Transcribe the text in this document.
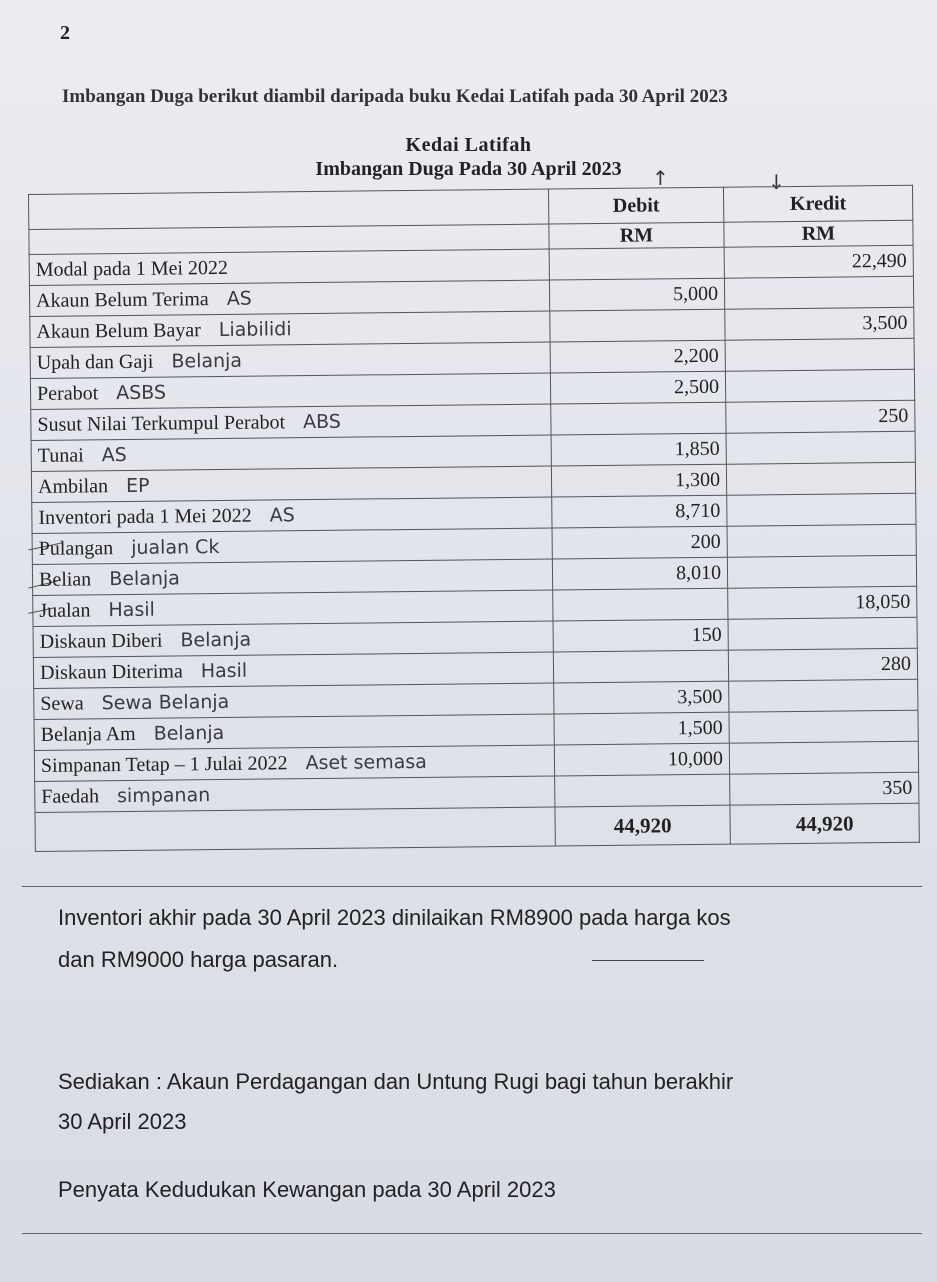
2
Imbangan Duga berikut diambil daripada buku Kedai Latifah pada 30 April 2023
Kedai Latifah
Imbangan Duga Pada 30 April 2023	↑	↓
	Debit	Kredit
	RM	RM
Modal pada 1 Mei 2022		22,490
Akaun Belum Terima AS	5,000	
Akaun Belum Bayar Liabilidi		3,500
Upah dan Gaji Belanja	2,200	
Perabot ASBS	2,500	
Susut Nilai Terkumpul Perabot ABS		250
Tunai AS	1,850	
Ambilan EP	1,300	
Inventori pada 1 Mei 2022 AS	8,710	
Pulangan jualan Ck	200	
Belian Belanja	8,010	
Jualan Hasil		18,050
Diskaun Diberi Belanja	150	
Diskaun Diterima Hasil		280
Sewa Sewa Belanja	3,500	
Belanja Am Belanja	1,500	
Simpanan Tetap – 1 Julai 2022 Aset semasa	10,000	
Faedah simpanan		350
	44,920	44,920

Inventori akhir pada 30 April 2023 dinilaikan RM8900 pada harga kos

dan RM9000 harga pasaran.

Sediakan : Akaun Perdagangan dan Untung Rugi bagi tahun berakhir

30 April 2023

Penyata Kedudukan Kewangan pada 30 April 2023
